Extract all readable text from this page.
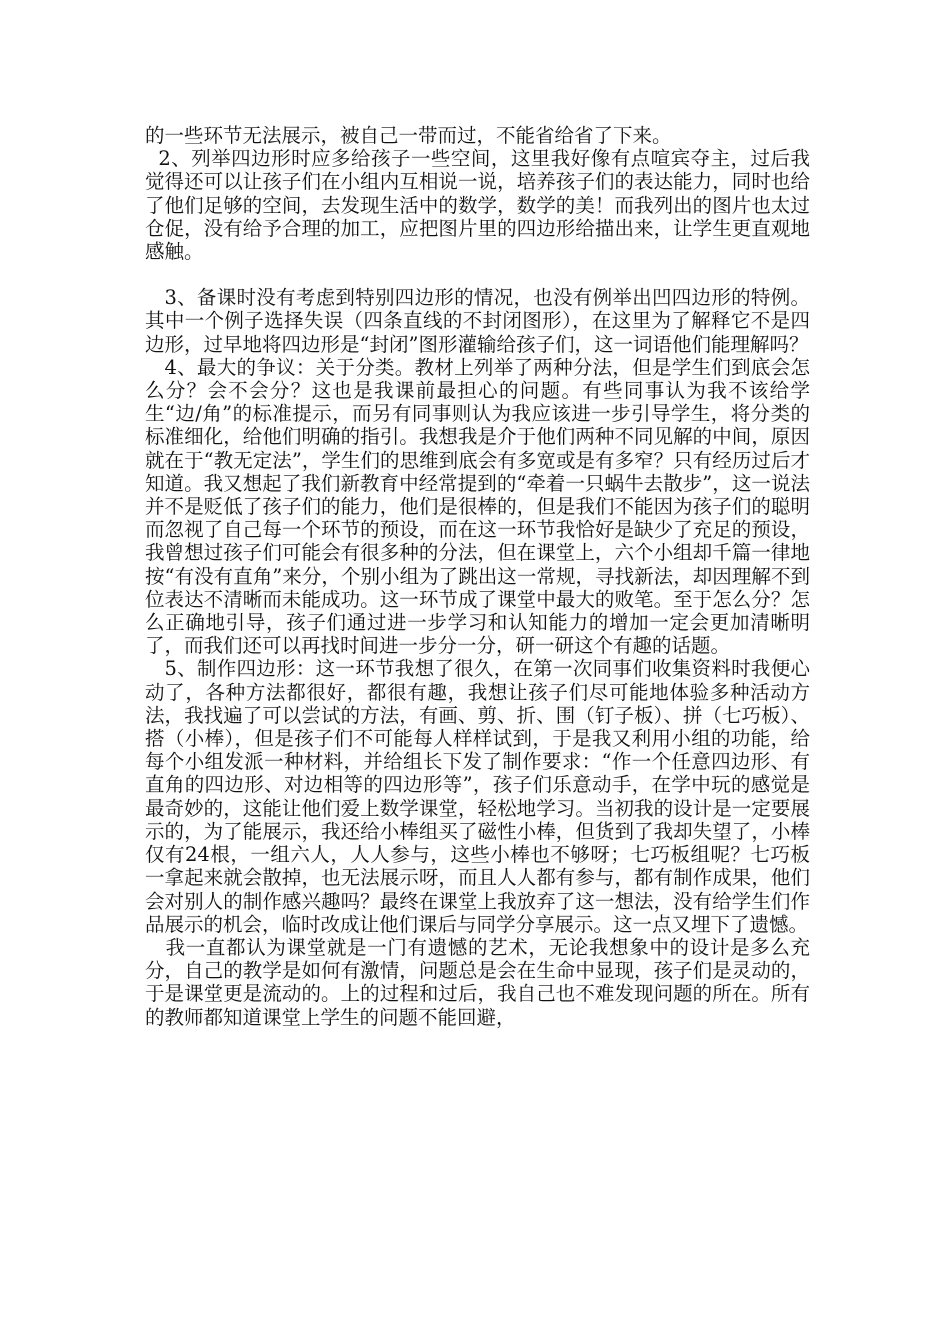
的一些环节无法展示，被自己一带而过，不能省给省了下来。

2、列举四边形时应多给孩子一些空间，这里我好像有点喧宾夺主，过后我觉得还可以让孩子们在小组内互相说一说，培养孩子们的表达能力，同时也给了他们足够的空间，去发现生活中的数学，数学的美！而我列出的图片也太过仓促，没有给予合理的加工，应把图片里的四边形给描出来，让学生更直观地感触。

3、备课时没有考虑到特别四边形的情况，也没有例举出凹四边形的特例。其中一个例子选择失误（四条直线的不封闭图形），在这里为了解释它不是四边形，过早地将四边形是“封闭”图形灌输给孩子们，这一词语他们能理解吗？

4、最大的争议：关于分类。教材上列举了两种分法，但是学生们到底会怎么分？会不会分？这也是我课前最担心的问题。有些同事认为我不该给学生“边/角”的标准提示，而另有同事则认为我应该进一步引导学生，将分类的标准细化，给他们明确的指引。我想我是介于他们两种不同见解的中间，原因就在于“教无定法”，学生们的思维到底会有多宽或是有多窄？只有经历过后才知道。我又想起了我们新教育中经常提到的“牵着一只蜗牛去散步”，这一说法并不是贬低了孩子们的能力，他们是很棒的，但是我们不能因为孩子们的聪明而忽视了自己每一个环节的预设，而在这一环节我恰好是缺少了充足的预设，我曾想过孩子们可能会有很多种的分法，但在课堂上，六个小组却千篇一律地按“有没有直角”来分，个别小组为了跳出这一常规，寻找新法，却因理解不到位表达不清晰而未能成功。这一环节成了课堂中最大的败笔。至于怎么分？怎么正确地引导，孩子们通过进一步学习和认知能力的增加一定会更加清晰明了，而我们还可以再找时间进一步分一分，研一研这个有趣的话题。

5、制作四边形：这一环节我想了很久，在第一次同事们收集资料时我便心动了，各种方法都很好，都很有趣，我想让孩子们尽可能地体验多种活动方法，我找遍了可以尝试的方法，有画、剪、折、围（钉子板）、拼（七巧板）、搭（小棒），但是孩子们不可能每人样样试到，于是我又利用小组的功能，给每个小组发派一种材料，并给组长下发了制作要求：“作一个任意四边形、有直角的四边形、对边相等的四边形等”，孩子们乐意动手，在学中玩的感觉是最奇妙的，这能让他们爱上数学课堂，轻松地学习。当初我的设计是一定要展示的，为了能展示，我还给小棒组买了磁性小棒，但货到了我却失望了，小棒仅有24根，一组六人，人人参与，这些小棒也不够呀；七巧板组呢？七巧板一拿起来就会散掉，也无法展示呀，而且人人都有参与，都有制作成果，他们会对别人的制作感兴趣吗？最终在课堂上我放弃了这一想法，没有给学生们作品展示的机会，临时改成让他们课后与同学分享展示。这一点又埋下了遗憾。

我一直都认为课堂就是一门有遗憾的艺术，无论我想象中的设计是多么充分，自己的教学是如何有激情，问题总是会在生命中显现，孩子们是灵动的，于是课堂更是流动的。上的过程和过后，我自己也不难发现问题的所在。所有的教师都知道课堂上学生的问题不能回避，
